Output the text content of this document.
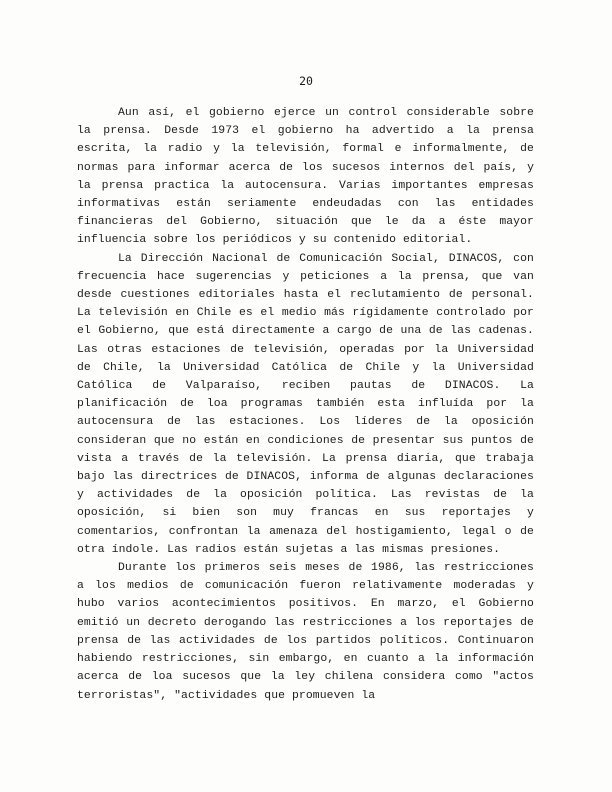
20

Aun así, el gobierno ejerce un control considerable sobre la prensa. Desde 1973 el gobierno ha advertido a la prensa escrita, la radio y la televisión, formal e informalmente, de normas para informar acerca de los sucesos internos del país, y la prensa practica la autocensura. Varias importantes empresas informativas están seriamente endeudadas con las entidades financieras del Gobierno, situación que le da a éste mayor influencia sobre los periódicos y su contenido editorial.

La Dirección Nacional de Comunicación Social, DINACOS, con frecuencia hace sugerencias y peticiones a la prensa, que van desde cuestiones editoriales hasta el reclutamiento de personal. La televisión en Chile es el medio más rígidamente controlado por el Gobierno, que está directamente a cargo de una de las cadenas. Las otras estaciones de televisión, operadas por la Universidad de Chile, la Universidad Católica de Chile y la Universidad Católica de Valparaíso, reciben pautas de DINACOS. La planificación de loa programas también esta influída por la autocensura de las estaciones. Los líderes de la oposición consideran que no están en condiciones de presentar sus puntos de vista a través de la televisión. La prensa diaria, que trabaja bajo las directrices de DINACOS, informa de algunas declaraciones y actividades de la oposición política. Las revistas de la oposición, si bien son muy francas en sus reportajes y comentarios, confrontan la amenaza del hostigamiento, legal o de otra índole. Las radios están sujetas a las mismas presiones.

Durante los primeros seis meses de 1986, las restricciones a los medios de comunicación fueron relativamente moderadas y hubo varios acontecimientos positivos. En marzo, el Gobierno emitió un decreto derogando las restricciones a los reportajes de prensa de las actividades de los partidos políticos. Continuaron habiendo restricciones, sin embargo, en cuanto a la información acerca de loa sucesos que la ley chilena considera como "actos terroristas", "actividades que promueven la
